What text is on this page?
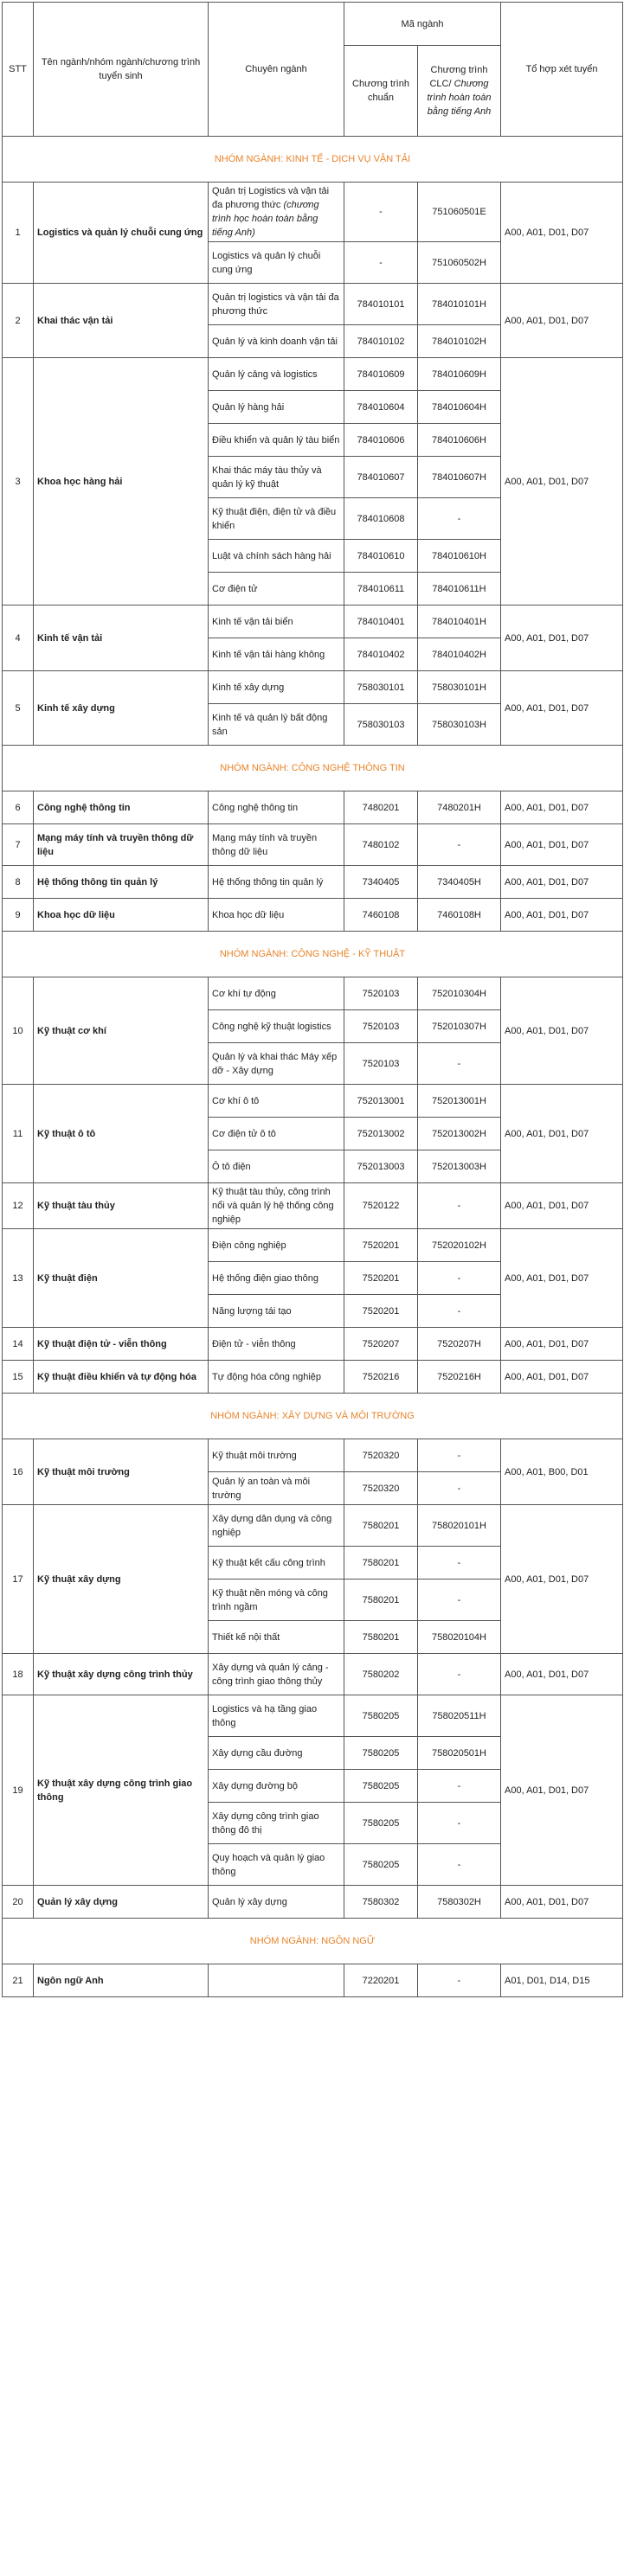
STT	Tên ngành/nhóm ngành/chương trình tuyển sinh	Chuyên ngành	Mã ngành		Tổ hợp xét tuyển
			Chương trình chuẩn	Chương trình CLC/ Chương trình hoàn toàn bằng tiếng Anh	
NHÓM NGÀNH: KINH TẾ - DỊCH VỤ VẬN TẢI					
1	Logistics và quản lý chuỗi cung ứng	Quản trị Logistics và vận tải đa phương thức (chương trình học hoàn toàn bằng tiếng Anh)	-	751060501E	A00, A01, D01, D07
		Logistics và quản lý chuỗi cung ứng	-	751060502H	
2	Khai thác vận tải	Quản trị logistics và vận tải đa phương thức	784010101	784010101H	A00, A01, D01, D07
		Quản lý và kinh doanh vận tải	784010102	784010102H	
3	Khoa học hàng hải	Quản lý cảng và logistics	784010609	784010609H	A00, A01, D01, D07
		Quản lý hàng hải	784010604	784010604H	
		Điều khiển và quản lý tàu biển	784010606	784010606H	
		Khai thác máy tàu thủy và quản lý kỹ thuật	784010607	784010607H	
		Kỹ thuật điện, điện tử và điều khiển	784010608	-	
		Luật và chính sách hàng hải	784010610	784010610H	
		Cơ điện tử	784010611	784010611H	
4	Kinh tế vận tải	Kinh tế vận tải biển	784010401	784010401H	A00, A01, D01, D07
		Kinh tế vận tải hàng không	784010402	784010402H	
5	Kinh tế xây dựng	Kinh tế xây dựng	758030101	758030101H	A00, A01, D01, D07
		Kinh tế và quản lý bất động sản	758030103	758030103H	
NHÓM NGÀNH: CÔNG NGHỆ THÔNG TIN					
6	Công nghệ thông tin	Công nghệ thông tin	7480201	7480201H	A00, A01, D01, D07
7	Mạng máy tính và truyền thông dữ liệu	Mạng máy tính và truyền thông dữ liệu	7480102	-	A00, A01, D01, D07
8	Hệ thống thông tin quản lý	Hệ thống thông tin quản lý	7340405	7340405H	A00, A01, D01, D07
9	Khoa học dữ liệu	Khoa học dữ liệu	7460108	7460108H	A00, A01, D01, D07
NHÓM NGÀNH: CÔNG NGHỆ - KỸ THUẬT					
10	Kỹ thuật cơ khí	Cơ khí tự động	7520103	752010304H	A00, A01, D01, D07
		Công nghệ kỹ thuật logistics	7520103	752010307H	
		Quản lý và khai thác Máy xếp dỡ - Xây dựng	7520103	-	
11	Kỹ thuật ô tô	Cơ khí ô tô	752013001	752013001H	A00, A01, D01, D07
		Cơ điện tử ô tô	752013002	752013002H	
		Ô tô điện	752013003	752013003H	
12	Kỹ thuật tàu thủy	Kỹ thuật tàu thủy, công trình nổi và quản lý hệ thống công nghiệp	7520122	-	A00, A01, D01, D07
13	Kỹ thuật điện	Điện công nghiệp	7520201	752020102H	A00, A01, D01, D07
		Hệ thống điện giao thông	7520201	-	
		Năng lượng tái tạo	7520201	-	
14	Kỹ thuật điện tử - viễn thông	Điện tử - viễn thông	7520207	7520207H	A00, A01, D01, D07
15	Kỹ thuật điều khiển và tự động hóa	Tự động hóa công nghiệp	7520216	7520216H	A00, A01, D01, D07
NHÓM NGÀNH: XÂY DỰNG VÀ MÔI TRƯỜNG					
16	Kỹ thuật môi trường	Kỹ thuật môi trường	7520320	-	A00, A01, B00, D01
		Quản lý an toàn và môi trường	7520320	-	
17	Kỹ thuật xây dựng	Xây dựng dân dụng và công nghiệp	7580201	758020101H	A00, A01, D01, D07
		Kỹ thuật kết cấu công trình	7580201	-	
		Kỹ thuật nền móng và công trình ngầm	7580201	-	
		Thiết kế nội thất	7580201	758020104H	
18	Kỹ thuật xây dựng công trình thủy	Xây dựng và quản lý cảng - công trình giao thông thủy	7580202	-	A00, A01, D01, D07
19	Kỹ thuật xây dựng công trình giao thông	Logistics và hạ tầng giao thông	7580205	758020511H	A00, A01, D01, D07
		Xây dựng cầu đường	7580205	758020501H	
		Xây dựng đường bộ	7580205	-	
		Xây dựng công trình giao thông đô thị	7580205	-	
		Quy hoạch và quản lý giao thông	7580205	-	
20	Quản lý xây dựng	Quản lý xây dựng	7580302	7580302H	A00, A01, D01, D07
NHÓM NGÀNH: NGÔN NGỮ					
21	Ngôn ngữ Anh		7220201	-	A01, D01, D14, D15
